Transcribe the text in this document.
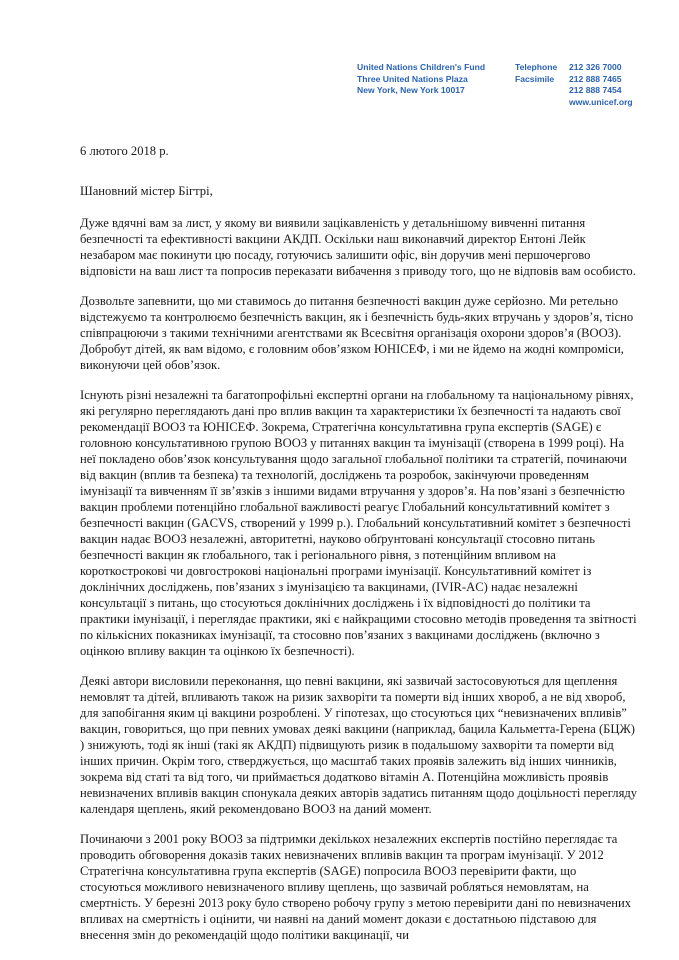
United Nations Children's Fund
Three United Nations Plaza
New York, New York 10017
Telephone
Facsimile
212 326 7000
212 888 7465
212 888 7454
www.unicef.org
6 лютого 2018 р.
Шановний містер Бігтрі,

Дуже вдячні вам за лист, у якому ви виявили зацікавленість у детальнішому вивченні питання безпечності та ефективності вакцини АКДП. Оскільки наш виконавчий директор Ентоні Лейк незабаром має покинути цю посаду, готуючись залишити офіс, він доручив мені першочергово відповісти на ваш лист та попросив переказати вибачення з приводу того, що не відповів вам особисто.

Дозвольте запевнити, що ми ставимось до питання безпечності вакцин дуже серйозно. Ми ретельно відстежуємо та контролюємо безпечність вакцин, як і безпечність будь-яких втручань у здоров’я, тісно співпрацюючи з такими технічними агентствами як Всесвітня організація охорони здоров’я (ВООЗ). Добробут дітей, як вам відомо, є головним обов’язком ЮНІСЕФ, і ми не йдемо на жодні компроміси, виконуючи цей обов’язок.

Існують різні незалежні та багатопрофільні експертні органи на глобальному та національному рівнях, які регулярно переглядають дані про вплив вакцин та характеристики їх безпечності та надають свої рекомендації ВООЗ та ЮНІСЕФ. Зокрема, Стратегічна консультативна група експертів (SAGE) є головною консультативною групою ВООЗ у питаннях вакцин та імунізації (створена в 1999 році). На неї покладено обов’язок консультування щодо загальної глобальної політики та стратегій, починаючи від вакцин (вплив та безпека) та технологій, досліджень та розробок, закінчуючи проведенням імунізації та вивченням її зв’язків з іншими видами втручання у здоров’я. На пов’язані з безпечністю вакцин проблеми потенційно глобальної важливості реагує Глобальний консультативний комітет з безпечності вакцин (GACVS, створений у 1999 р.). Глобальний консультативний комітет з безпечності вакцин надає ВООЗ незалежні, авторитетні, науково обґрунтовані консультації стосовно питань безпечності вакцин як глобального, так і регіонального рівня, з потенційним впливом на короткострокові чи довгострокові національні програми імунізації. Консультативний комітет із доклінічних досліджень, пов’язаних з імунізацією та вакцинами, (IVIR-AC) надає незалежні консультації з питань, що стосуються доклінічних досліджень і їх відповідності до політики та практики імунізації, і переглядає практики, які є найкращими стосовно методів проведення та звітності по кількісних показниках імунізації, та стосовно пов’язаних з вакцинами досліджень (включно з оцінкою впливу вакцин та оцінкою їх безпечності).

Деякі автори висловили переконання, що певні вакцини, які зазвичай застосовуються для щеплення немовлят та дітей, впливають також на ризик захворіти та померти від інших хвороб, а не від хвороб, для запобігання яким ці вакцини розроблені. У гіпотезах, що стосуються цих “невизначених впливів” вакцин, говориться, що при певних умовах деякі вакцини (наприклад, бацила Кальметта-Герена (БЦЖ) ) знижують, тоді як інші (такі як АКДП) підвищують ризик в подальшому захворіти та померти від інших причин. Окрім того, стверджується, що масштаб таких проявів залежить від інших чинників, зокрема від статі та від того, чи приймається додатково вітамін А. Потенційна можливість проявів невизначених впливів вакцин спонукала деяких авторів задатись питанням щодо доцільності перегляду календаря щеплень, який рекомендовано ВООЗ на даний момент.

Починаючи з 2001 року ВООЗ за підтримки декількох незалежних експертів постійно переглядає та проводить обговорення доказів таких невизначених впливів вакцин та програм імунізації. У 2012 Стратегічна консультативна група експертів (SAGE) попросила ВООЗ перевірити факти, що стосуються можливого невизначеного впливу щеплень, що зазвичай робляться немовлятам, на смертність. У березні 2013 року було створено робочу групу з метою перевірити дані по невизначених впливах на смертність і оцінити, чи наявні на даний момент докази є достатньою підставою для внесення змін до рекомендацій щодо політики вакцинації, чи
